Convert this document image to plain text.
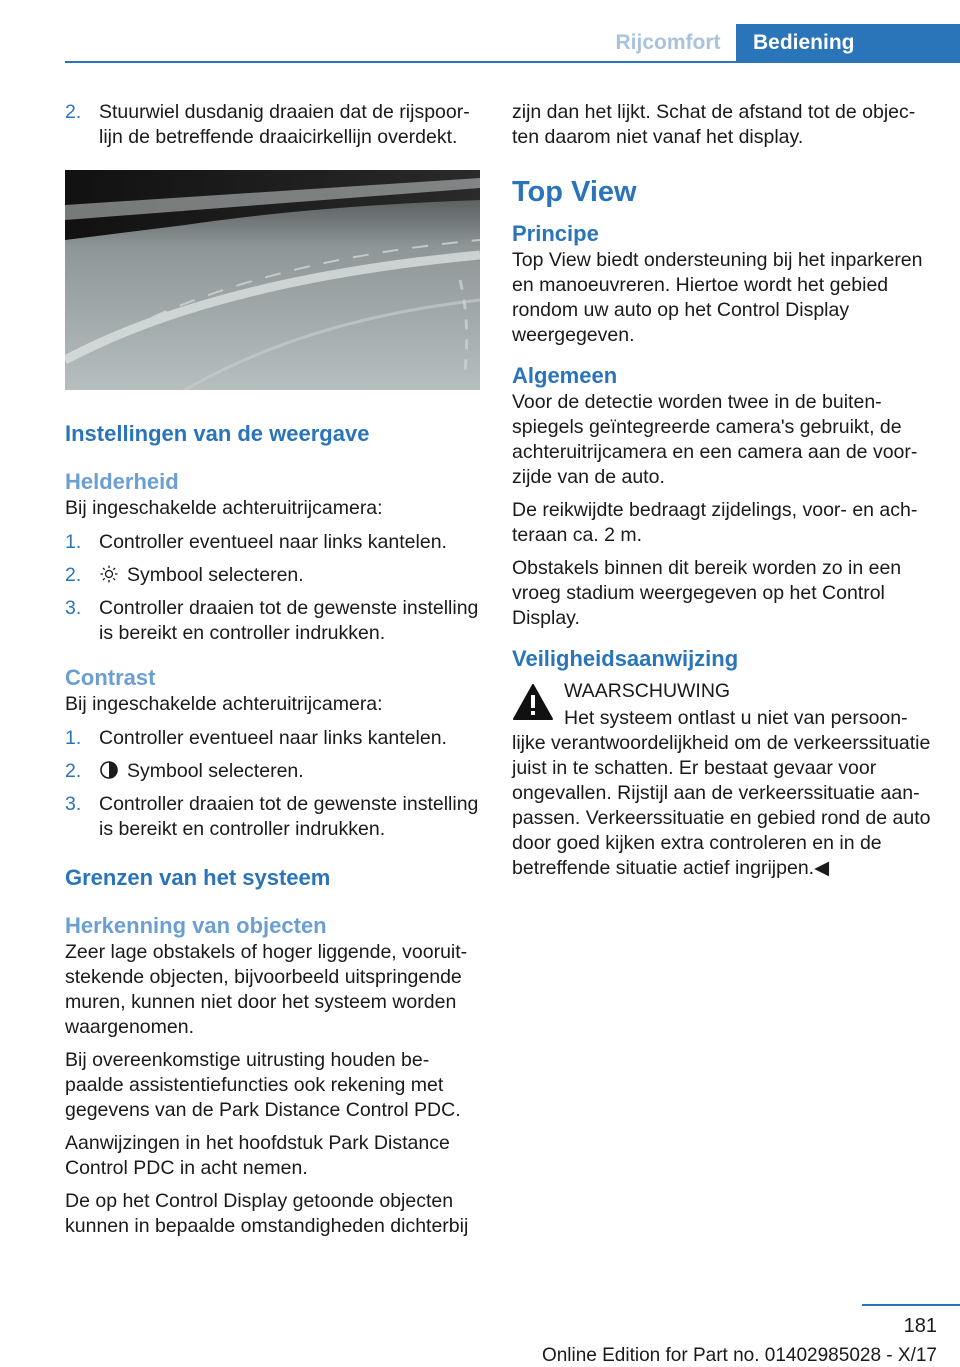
Rijcomfort	Bediening
2. Stuurwiel dusdanig draaien dat de rijspoorlijn de betreffende draaicirkellijn overdekt.
Instellingen van de weergave
Helderheid

Bij ingeschakelde achteruitrijcamera:

1. Controller eventueel naar links kantelen.
2. Symbool selecteren.
3. Controller draaien tot de gewenste instelling is bereikt en controller indrukken.
Contrast

Bij ingeschakelde achteruitrijcamera:

1. Controller eventueel naar links kantelen.
2. Symbool selecteren.
3. Controller draaien tot de gewenste instelling is bereikt en controller indrukken.
Grenzen van het systeem
Herkenning van objecten

Zeer lage obstakels of hoger liggende, vooruitstekende objecten, bijvoorbeeld uitspringende muren, kunnen niet door het systeem worden waargenomen.

Bij overeenkomstige uitrusting houden bepaalde assistentiefuncties ook rekening met gegevens van de Park Distance Control PDC.

Aanwijzingen in het hoofdstuk Park Distance Control PDC in acht nemen.

De op het Control Display getoonde objecten kunnen in bepaalde omstandigheden dichterbij

zijn dan het lijkt. Schat de afstand tot de objecten daarom niet vanaf het display.

Top View
Principe

Top View biedt ondersteuning bij het inparkeren en manoeuvreren. Hiertoe wordt het gebied rondom uw auto op het Control Display weergegeven.

Algemeen

Voor de detectie worden twee in de buitenspiegels geïntegreerde camera's gebruikt, de achteruitrijcamera en een camera aan de voorzijde van de auto.

De reikwijdte bedraagt zijdelings, voor- en achteraan ca. 2 m.

Obstakels binnen dit bereik worden zo in een vroeg stadium weergegeven op het Control Display.

Veiligheidsaanwijzing

WAARSCHUWING

Het systeem ontlast u niet van persoonlijke verantwoordelijkheid om de verkeerssituatie juist in te schatten. Er bestaat gevaar voor ongevallen. Rijstijl aan de verkeerssituatie aanpassen. Verkeerssituatie en gebied rond de auto door goed kijken extra controleren en in de betreffende situatie actief ingrijpen.◀

181
Online Edition for Part no. 01402985028 - X/17
